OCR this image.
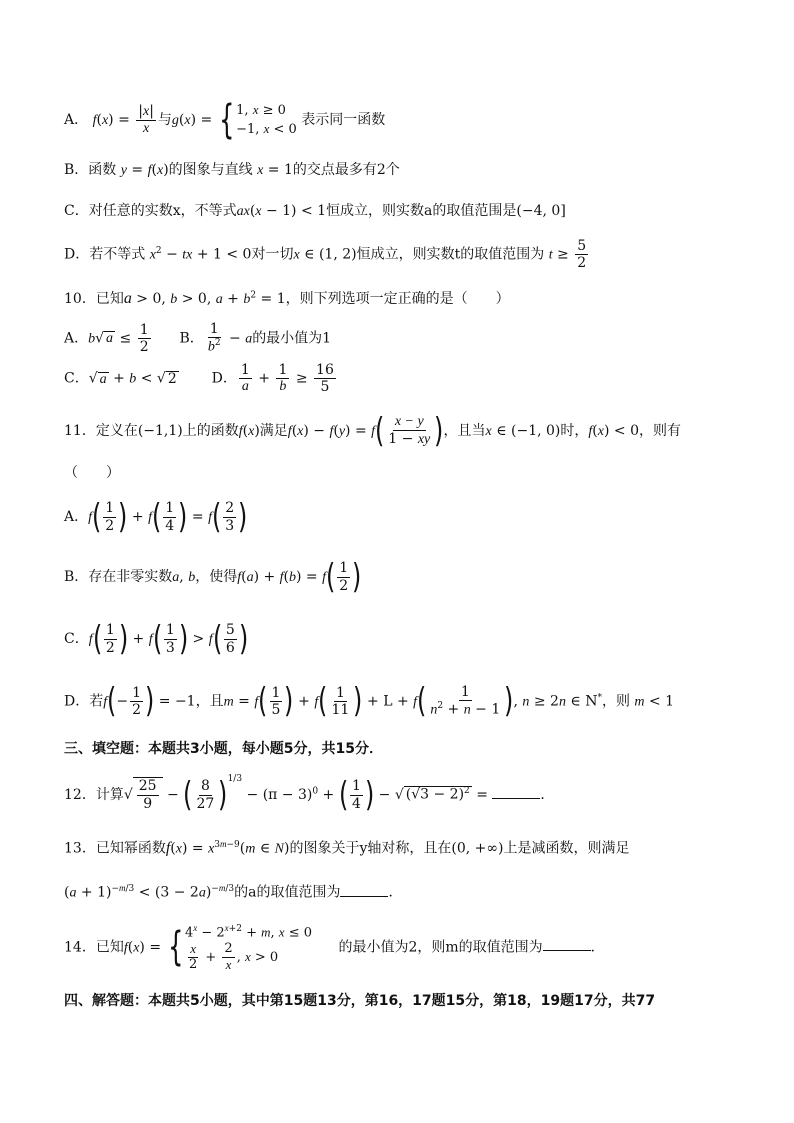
A． $f(x) = \frac{|x|}{x}$ 与g(x) = { 1, x ≥ 0
−1, x < 0
表示同一函数
B．函数 y = f(x)的图象与直线 x = 1的交点最多有2个
C．对任意的实数x，不等式ax(x − 1) < 1恒成立，则实数a的取值范围是(−4, 0]
D．若不等式 $x^2$ − tx + 1 < 0对一切x ∈ (1, 2)恒成立，则实数t的取值范围为 $t \ge \frac{5}{2}$
10．已知a > 0, b > 0, $a + b^2 = 1$，则下列选项一定正确的是（　　）
A．b√ $a \le \frac{1}{2}$ B． $\frac{1}{b^2} - a$的最小值为1
C．√ a + b < √ 2 D． $\frac{1}{a} + \frac{1}{b} \ge \frac{16}{5}$
11．定义在(−1,1)上的函数f(x)满足$f(x) - f(y) = f( \frac{x - y}{1 - xy}$ )，且当x ∈ (−1, 0)时，f(x) < 0，则有
（　　）
A．$f( \frac{1}{2}$ ) + $f( \frac{1}{4}$ ) = $f( \frac{2}{3}$ )
B．存在非零实数a, b，使得$f(a) + f(b) = f( \frac{1}{2}$ )
C．$f( \frac{1}{2}$ ) + $f( \frac{1}{3}$ ) > $f( \frac{5}{6}$ )
D．若$f(- \frac{1}{2}$ ) = −1，且$m = f( \frac{1}{5}$ ) + $f( \frac{1}{11}$ ) + $L + f( \frac{1}{n^2 + n - 1}$ ), n ≥ 2n ∈ N*，则 m < 1
三、填空题：本题共3小题，每小题5分，共15分．
12．计算√ $\frac{25}{9}$ − ( $\frac{8}{27} )^{1/3} - (\pi - 3)^0$ + ( $\frac{1}{4}$ ) − √ $(√3 - 2)^2$ =	．
13．已知幂函数$f(x) = x^{3m-9}(m$ ∈ N)的图象关于y轴对称，且在(0, +∞)上是减函数，则满足
$(a + 1)^{-m/3} < (3 - 2a)^{-m/3}$的a的取值范围为	．
14．已知f(x) = { $4^x - 2^{x+2} + m$, x ≤ 0
$\frac{x}{2} + \frac{2}{x}$ , x > 0
的最小值为2，则m的取值范围为	．
四、解答题：本题共5小题，其中第15题13分，第16，17题15分，第18，19题17分，共77
